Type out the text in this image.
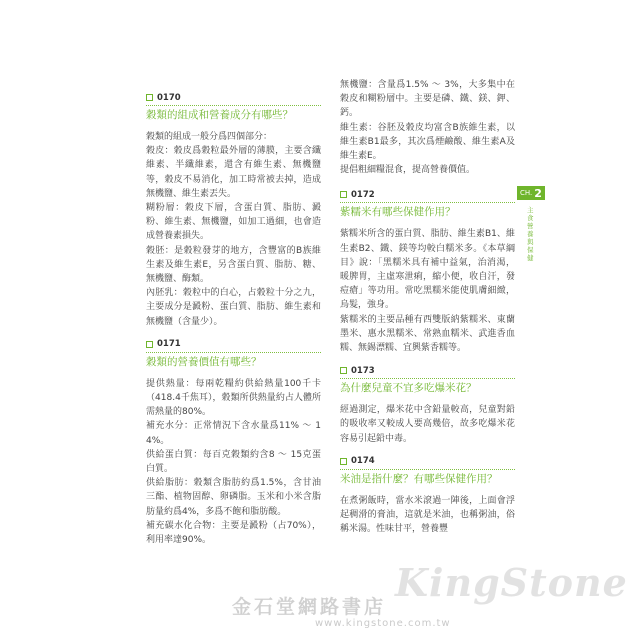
0170
穀類的組成和營養成分有哪些？

穀類的組成一般分爲四個部分：

穀皮：穀皮爲穀粒最外層的薄膜，主要含纖維素、半纖維素，還含有維生素、無機鹽等，穀皮不易消化，加工時常被去掉，造成無機鹽、維生素丟失。

糊粉層：穀皮下層，含蛋白質、脂肪、澱粉、維生素、無機鹽，如加工過細，也會造成營養素損失。

穀胚：是穀粒發芽的地方，含豐富的B族維生素及維生素E，另含蛋白質、脂肪、糖、無機鹽、酶類。

內胚乳：穀粒中的白心，占穀粒十分之九，主要成分是澱粉、蛋白質、脂肪、維生素和無機鹽（含量少）。

0171
穀類的營養價值有哪些？

提供熱量：每兩乾糧約供給熱量100千卡（418.4千焦耳），穀類所供熱量約占人體所需熱量的80%。

補充水分：正常情況下含水量爲11% ～ 14%。

供給蛋白質：每百克穀類約含8 ～ 15克蛋白質。

供給脂肪：穀類含脂肪約爲1.5%，含甘油三酯、植物固醇、卵磷脂。玉米和小米含脂肪量約爲4%，多爲不飽和脂肪酸。

補充碳水化合物：主要是澱粉（占70%），利用率達90%。

無機鹽：含量爲1.5% ～ 3%，大多集中在穀皮和糊粉層中。主要是磷、鐵、鎂、鉀、鈣。

維生素：谷胚及穀皮均富含B族維生素，以維生素B1最多，其次爲煙鹼酸、維生素A及維生素E。

提倡粗細糧混食，提高營養價值。

0172
紫糯米有哪些保健作用？

紫糯米所含的蛋白質、脂肪、維生素B1、維生素B2、鐵、鎂等均較白糯米多。《本草綱目》說：「黑糯米具有補中益氣，治消渴，暖脾胃，主虛寒泄痢，縮小便，收自汗，發痘瘡」等功用。常吃黑糯米能使肌膚細緻，烏髮，強身。

紫糯米的主要品種有西雙版納紫糯米、東蘭墨米、惠水黑糯米、常熟血糯米、武進香血糯、無錫漂糯、宜興紫香糯等。

0173
為什麼兒童不宜多吃爆米花？

經過測定，爆米花中含鉛量較高，兒童對鉛的吸收率又較成人要高幾倍，故多吃爆米花容易引起鉛中毒。

0174
米油是指什麼？有哪些保健作用？

在煮粥飯時，當水米滾過一陣後，上面會浮起稠滑的膏油，這就是米油，也稱粥油，俗稱米湯。性味甘平，營養豐

CH. 2
主食營養與保健
KingStone
金石堂網路書店
www.kingstone.com.tw
